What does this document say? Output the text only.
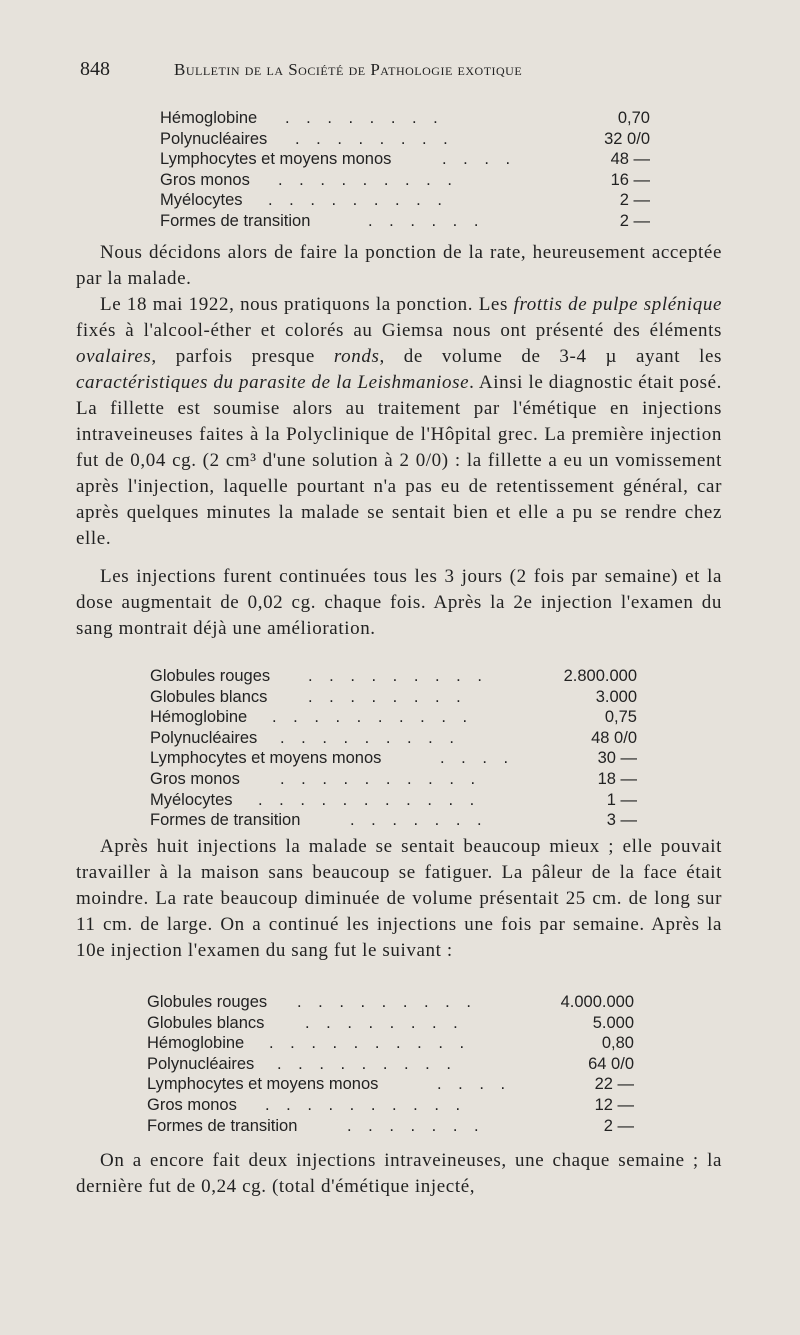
848	Bulletin de la Société de Pathologie exotique
Hémoglobine . . . . . . . .	0,70
Polynucléaires . . . . . . . .	32 0/0
Lymphocytes et moyens monos	. . . .	48 —
Gros monos . . . . . . . . .	16 —
Myélocytes . . . . . . . . .	2 —
Formes de transition	. . . . . .	2 —

Nous décidons alors de faire la ponction de la rate, heureusement acceptée par la malade.

Le 18 mai 1922, nous pratiquons la ponction. Les frottis de pulpe splénique fixés à l'alcool-éther et colorés au Giemsa nous ont présenté des éléments ovalaires, parfois presque ronds, de volume de 3-4 µ ayant les caractéristiques du parasite de la Leishmaniose. Ainsi le diagnostic était posé. La fillette est soumise alors au traitement par l'émétique en injections intraveineuses faites à la Polyclinique de l'Hôpital grec. La première injection fut de 0,04 cg. (2 cm³ d'une solution à 2 0/0) : la fillette a eu un vomissement après l'injection, laquelle pourtant n'a pas eu de retentissement général, car après quelques minutes la malade se sentait bien et elle a pu se rendre chez elle.

Les injections furent continuées tous les 3 jours (2 fois par semaine) et la dose augmentait de 0,02 cg. chaque fois. Après la 2e injection l'examen du sang montrait déjà une amélioration.

Globules rouges . . . . . . . . .	2.800.000
Globules blancs . . . . . . . .	3.000
Hémoglobine . . . . . . . . . .	0,75
Polynucléaires . . . . . . . . .	48 0/0
Lymphocytes et moyens monos	. . . .	30 —
Gros monos . . . . . . . . . .	18 —
Myélocytes . . . . . . . . . . .	1 —
Formes de transition	. . . . . . .	3 —

Après huit injections la malade se sentait beaucoup mieux ; elle pouvait travailler à la maison sans beaucoup se fatiguer. La pâleur de la face était moindre. La rate beaucoup diminuée de volume présentait 25 cm. de long sur 11 cm. de large. On a continué les injections une fois par semaine. Après la 10e injection l'examen du sang fut le suivant :

Globules rouges . . . . . . . . .	4.000.000
Globules blancs . . . . . . . .	5.000
Hémoglobine . . . . . . . . . .	0,80
Polynucléaires . . . . . . . . .	64 0/0
Lymphocytes et moyens monos	. . . .	22 —
Gros monos . . . . . . . . . .	12 —
Formes de transition	. . . . . . .	2 —

On a encore fait deux injections intraveineuses, une chaque semaine ; la dernière fut de 0,24 cg. (total d'émétique injecté,
